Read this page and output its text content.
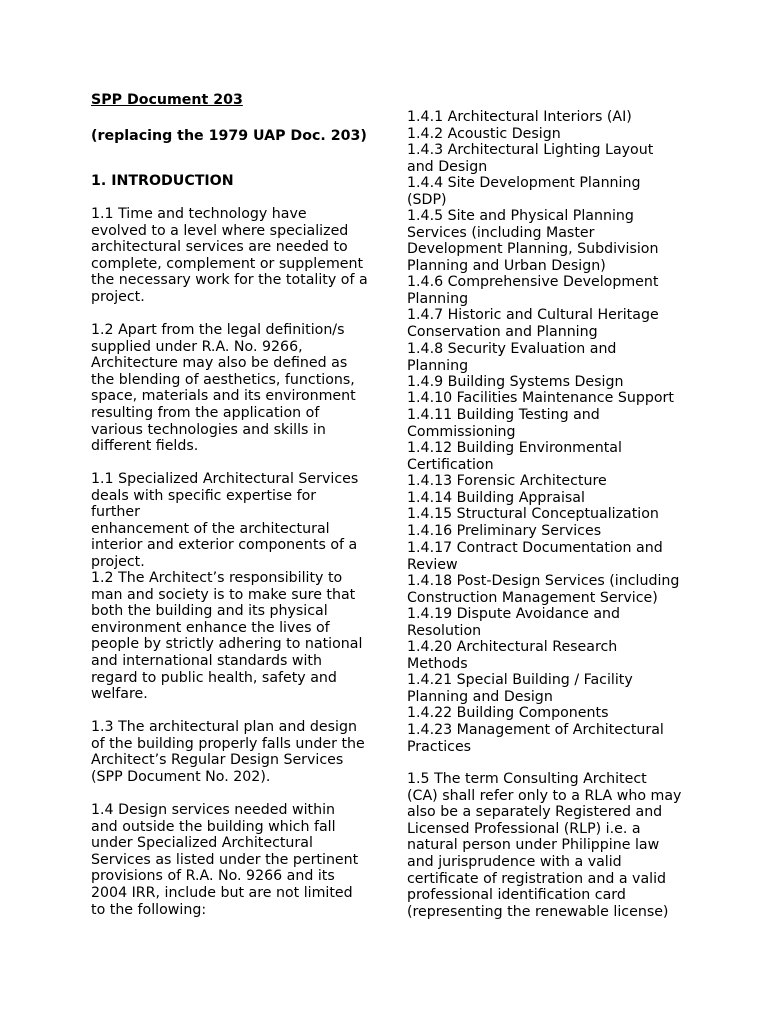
SPP Document 203
(replacing the 1979 UAP Doc. 203)
1. INTRODUCTION
1.1 Time and technology have
evolved to a level where specialized
architectural services are needed to
complete, complement or supplement
the necessary work for the totality of a
project.
1.2 Apart from the legal definition/s
supplied under R.A. No. 9266,
Architecture may also be defined as
the blending of aesthetics, functions,
space, materials and its environment
resulting from the application of
various technologies and skills in
different fields.
1.1 Specialized Architectural Services
deals with specific expertise for further
enhancement of the architectural
interior and exterior components of a
project.
1.2 The Architect’s responsibility to
man and society is to make sure that
both the building and its physical
environment enhance the lives of
people by strictly adhering to national
and international standards with
regard to public health, safety and
welfare.
1.3 The architectural plan and design
of the building properly falls under the
Architect’s Regular Design Services
(SPP Document No. 202).
1.4 Design services needed within
and outside the building which fall
under Specialized Architectural
Services as listed under the pertinent
provisions of R.A. No. 9266 and its
2004 IRR, include but are not limited
to the following:
1.4.1 Architectural Interiors (AI)
1.4.2 Acoustic Design
1.4.3 Architectural Lighting Layout
and Design
1.4.4 Site Development Planning
(SDP)
1.4.5 Site and Physical Planning
Services (including Master
Development Planning, Subdivision
Planning and Urban Design)
1.4.6 Comprehensive Development
Planning
1.4.7 Historic and Cultural Heritage
Conservation and Planning
1.4.8 Security Evaluation and
Planning
1.4.9 Building Systems Design
1.4.10 Facilities Maintenance Support
1.4.11 Building Testing and
Commissioning
1.4.12 Building Environmental
Certification
1.4.13 Forensic Architecture
1.4.14 Building Appraisal
1.4.15 Structural Conceptualization
1.4.16 Preliminary Services
1.4.17 Contract Documentation and
Review
1.4.18 Post-Design Services (including
Construction Management Service)
1.4.19 Dispute Avoidance and
Resolution
1.4.20 Architectural Research
Methods
1.4.21 Special Building / Facility
Planning and Design
1.4.22 Building Components
1.4.23 Management of Architectural
Practices
1.5 The term Consulting Architect
(CA) shall refer only to a RLA who may
also be a separately Registered and
Licensed Professional (RLP) i.e. a
natural person under Philippine law
and jurisprudence with a valid
certificate of registration and a valid
professional identification card
(representing the renewable license)
